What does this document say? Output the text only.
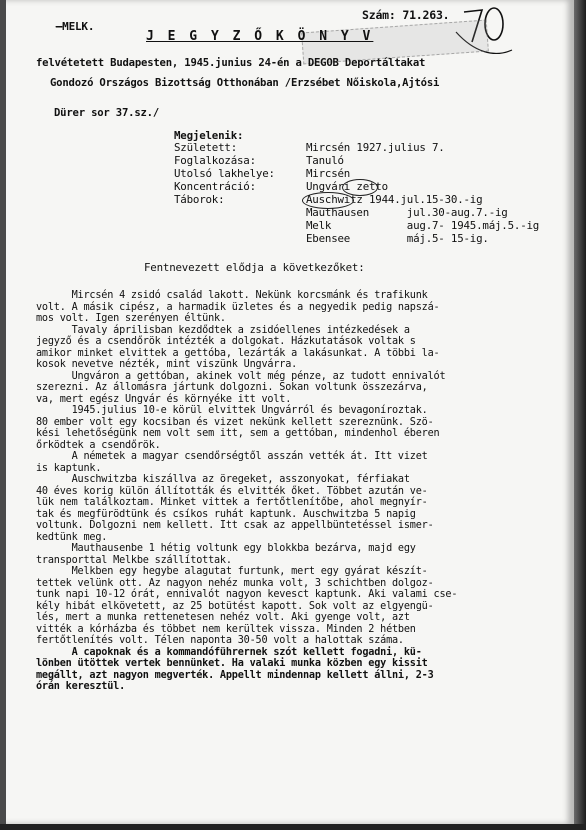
—MELK.

Szám: 71.263.
J E G Y Z Ő K Ö N Y V
felvétetett Budapesten, 1945.junius 24-én a DEGOB Deportáltakat
Gondozó Országos Bizottság Otthonában /Erzsébet Nőiskola,Ajtósi
Dürer sor 37.sz./
Megjelenik:
Született:	Mircsén 1927.julius 7.
Foglalkozása:	Tanuló
Utolsó lakhelye:	Mircsén
Koncentráció:	Ungvári zetto
Táborok:	Auschwitz 1944.jul.15-30.-ig
Mauthausen      jul.30-aug.7.-ig
Melk            aug.7- 1945.máj.5.-ig
Ebensee         máj.5- 15-ig.
Fentnevezett elődja a következőket:
Mircsén 4 zsidó család lakott. Nekünk korcsmánk és trafikunk
volt. A másik cipész, a harmadik üzletes és a negyedik pedig napszá-
mos volt. Igen szerényen éltünk.
Tavaly áprilisban kezdődtek a zsidóellenes intézkedések a
jegyző és a csendőrök intézték a dolgokat. Házkutatások voltak s
amikor minket elvittek a gettóba, lezárták a lakásunkat. A többi la-
kosok nevetve nézték, mint viszünk Ungvárra.
Ungváron a gettóban, akinek volt még pénze, az tudott ennivalót
szerezni. Az állomásra jártunk dolgozni. Sokan voltunk összezárva,
va, mert egész Ungvár és környéke itt volt.
1945.julius 10-e körül elvittek Ungvárról és bevagoníroztak.
80 ember volt egy kocsiban és vizet nekünk kellett szereznünk. Szö-
kési lehetőségünk nem volt sem itt, sem a gettóban, mindenhol éberen
őrködtek a csendőrök.
A németek a magyar csendőrségtől asszán vették át. Itt vizet
is kaptunk.
Auschwitzba kiszállva az öregeket, asszonyokat, férfiakat
40 éves korig külön állították és elvitték őket. Többet azután ve-
lük nem találkoztam. Minket vittek a fertőtlenítőbe, ahol megnyír-
tak és megfürödtünk és csíkos ruhát kaptunk. Auschwitzba 5 napig
voltunk. Dolgozni nem kellett. Itt csak az appellbüntetéssel ismer-
kedtünk meg.
Mauthausenbe 1 hétig voltunk egy blokkba bezárva, majd egy
transporttal Melkbe szállítottak.
Melkben egy hegybe alagutat furtunk, mert egy gyárat készít-
tettek velünk ott. Az nagyon nehéz munka volt, 3 schichtben dolgoz-
tunk napi 10-12 órát, ennivalót nagyon kevesct kaptunk. Aki valami cse-
kély hibát elkövetett, az 25 botütést kapott. Sok volt az elgyengü-
lés, mert a munka rettenetesen nehéz volt. Aki gyenge volt, azt
vitték a kórházba és többet nem kerültek vissza. Minden 2 hétben
fertőtlenítés volt. Télen naponta 30-50 volt a halottak száma.
A capoknak és a kommandóführernek szót kellett fogadni, kü-
lönben ütöttek vertek bennünket. Ha valaki munka közben egy kissit
megállt, azt nagyon megverték. Appellt mindennap kellett állni, 2-3
órán keresztül.
